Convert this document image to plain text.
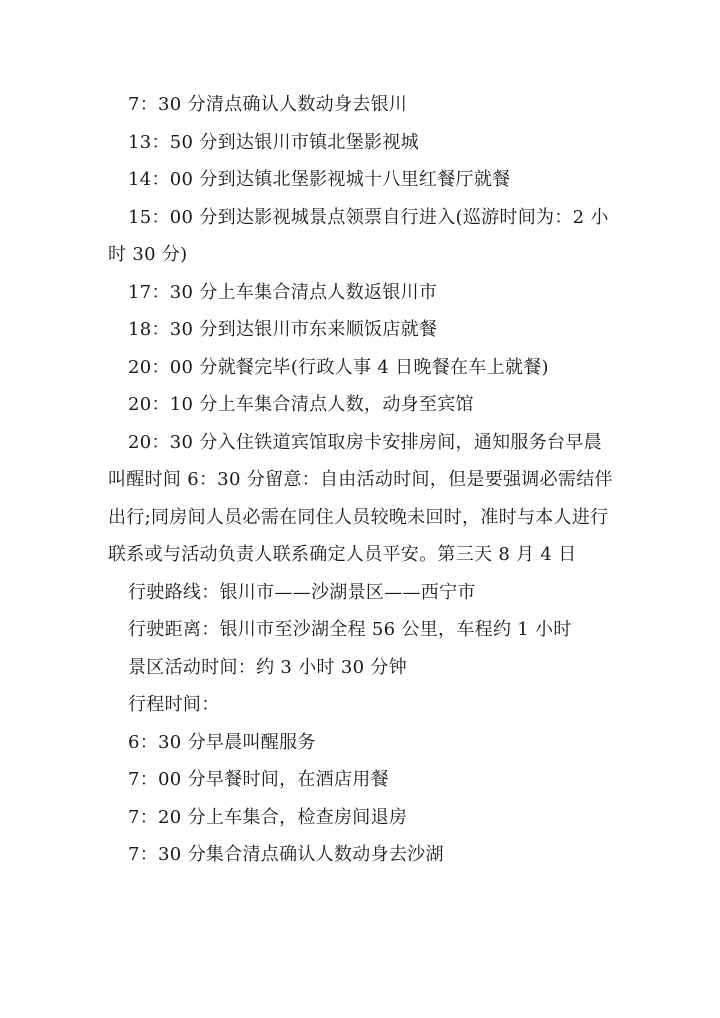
7：30 分清点确认人数动身去银川

13：50 分到达银川市镇北堡影视城

14：00 分到达镇北堡影视城十八里红餐厅就餐

15：00 分到达影视城景点领票自行进入(巡游时间为：2 小时 30 分)

17：30 分上车集合清点人数返银川市

18：30 分到达银川市东来顺饭店就餐

20：00 分就餐完毕(行政人事 4 日晚餐在车上就餐)

20：10 分上车集合清点人数，动身至宾馆

20：30 分入住铁道宾馆取房卡安排房间，通知服务台早晨叫醒时间 6：30 分留意：自由活动时间，但是要强调必需结伴出行;同房间人员必需在同住人员较晚未回时，准时与本人进行联系或与活动负责人联系确定人员平安。第三天 8 月 4 日

行驶路线：银川市——沙湖景区——西宁市

行驶距离：银川市至沙湖全程 56 公里，车程约 1 小时

景区活动时间：约 3 小时 30 分钟

行程时间：

6：30 分早晨叫醒服务

7：00 分早餐时间，在酒店用餐

7：20 分上车集合，检查房间退房

7：30 分集合清点确认人数动身去沙湖
